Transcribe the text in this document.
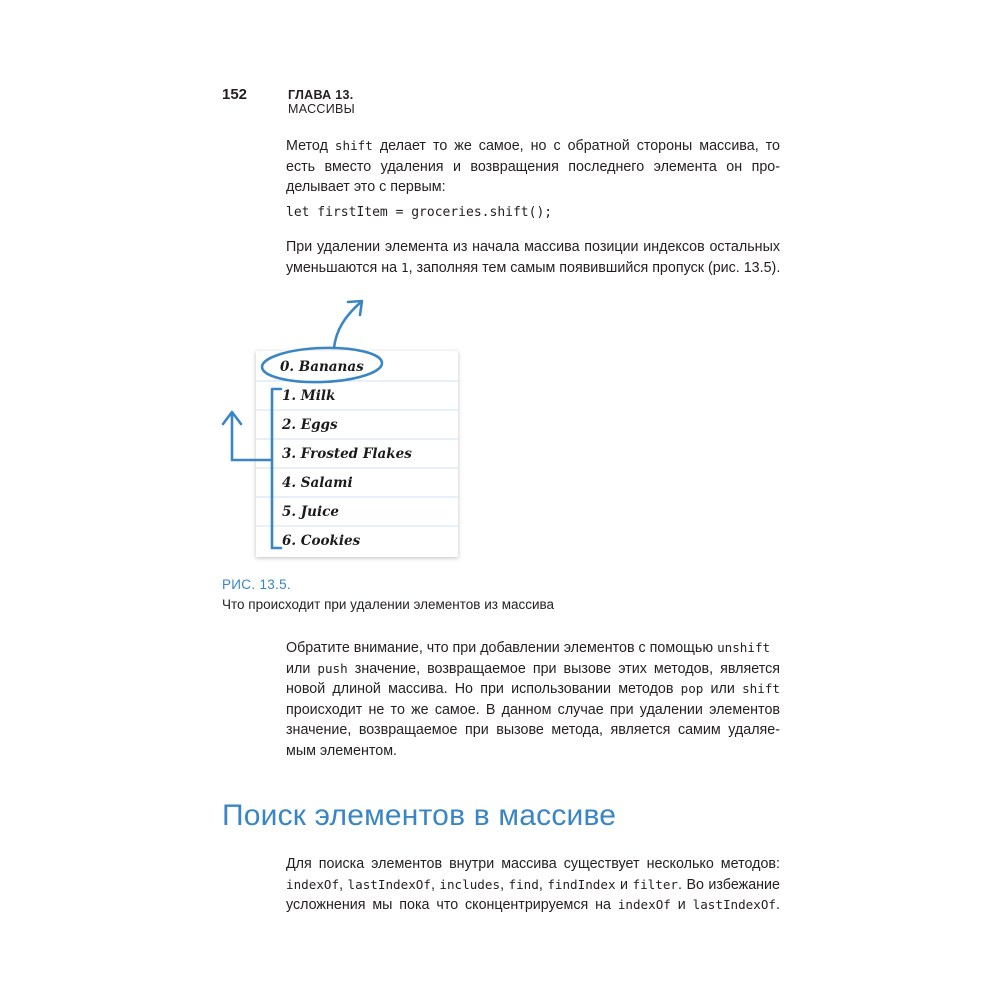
152	ГЛАВА 13. МАССИВЫ

Метод shift делает то же самое, но с обратной стороны массива, то

есть вместо удаления и возвращения последнего элемента он про-

делывает это с первым:

let firstItem = groceries.shift();

При удалении элемента из начала массива позиции индексов остальных

уменьшаются на 1, заполняя тем самым появившийся пропуск (рис. 13.5).

0. Bananas
1. Milk
2. Eggs
3. Frosted Flakes
4. Salami
5. Juice
6. Cookies
РИС. 13.5.
Что происходит при удалении элементов из массива

Обратите внимание, что при добавлении элементов с помощью unshift

или push значение, возвращаемое при вызове этих методов, является

новой длиной массива. Но при использовании методов pop или shift

происходит не то же самое. В данном случае при удалении элементов

значение, возвращаемое при вызове метода, является самим удаляе-

мым элементом.

Поиск элементов в массиве

Для поиска элементов внутри массива существует несколько методов:

indexOf, lastIndexOf, includes, find, findIndex и filter. Во избежание

усложнения мы пока что сконцентрируемся на indexOf и lastIndexOf.
